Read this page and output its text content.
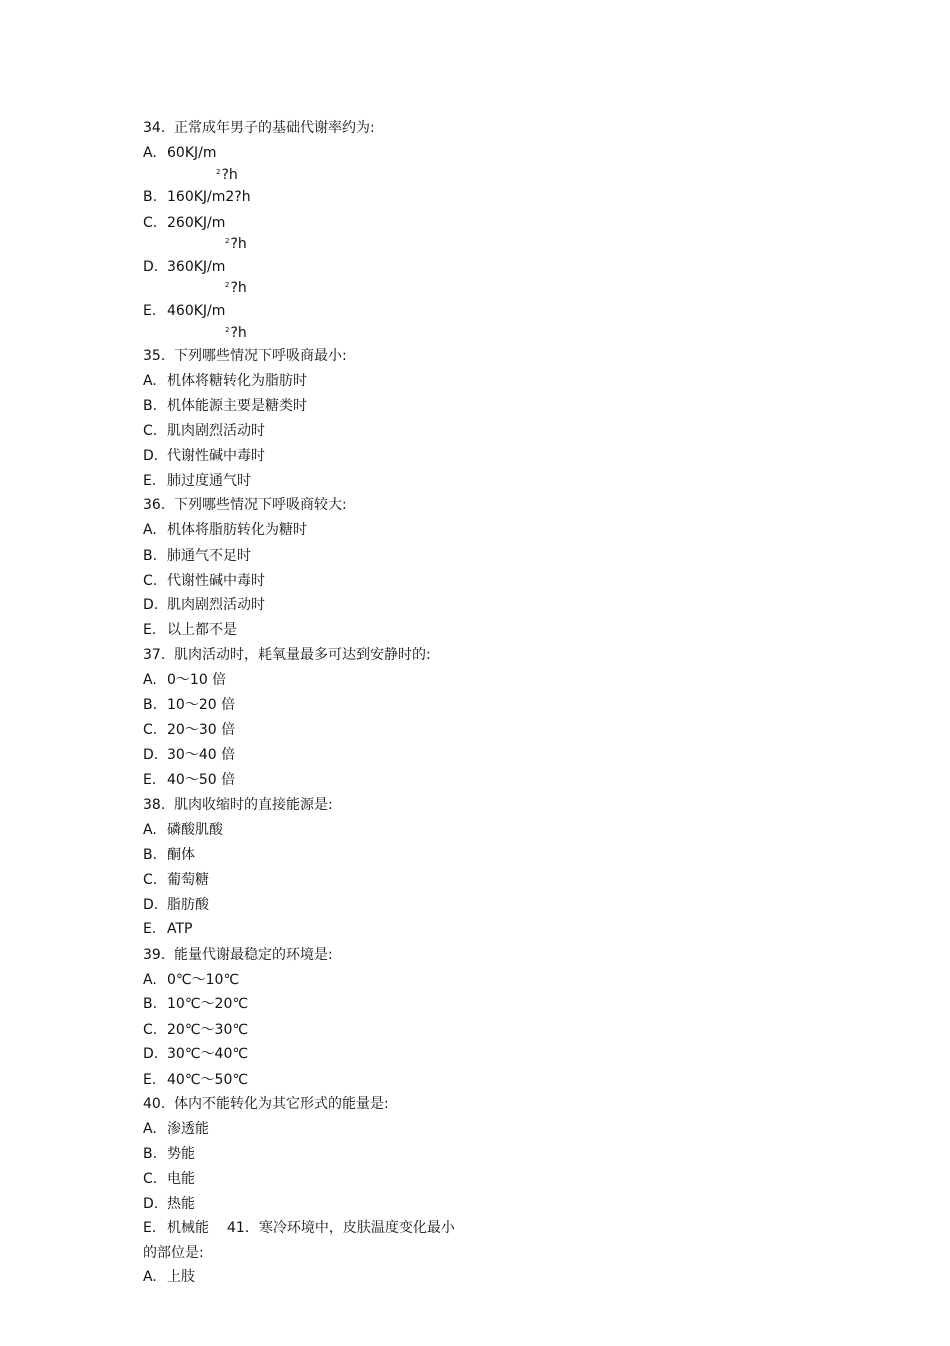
34. 正常成年男子的基础代谢率约为:
A. 60KJ/m
$^2$?h
B. 160KJ/m2?h
C. 260KJ/m
$^2$?h
D. 360KJ/m
$^2$?h
E. 460KJ/m
$^2$?h
35. 下列哪些情况下呼吸商最小:
A. 机体将糖转化为脂肪时
B. 机体能源主要是糖类时
C. 肌肉剧烈活动时
D. 代谢性碱中毒时
E. 肺过度通气时
36. 下列哪些情况下呼吸商较大:
A. 机体将脂肪转化为糖时
B. 肺通气不足时
C. 代谢性碱中毒时
D. 肌肉剧烈活动时
E. 以上都不是
37. 肌肉活动时，耗氧量最多可达到安静时的:
A. 0～10 倍
B. 10～20 倍
C. 20～30 倍
D. 30～40 倍
E. 40～50 倍
38. 肌肉收缩时的直接能源是:
A. 磷酸肌酸
B. 酮体
C. 葡萄糖
D. 脂肪酸
E. ATP
39. 能量代谢最稳定的环境是:
A. 0℃～10℃
B. 10℃～20℃
C. 20℃～30℃
D. 30℃～40℃
E. 40℃～50℃
40. 体内不能转化为其它形式的能量是:
A. 渗透能
B. 势能
C. 电能
D. 热能
E. 机械能 41．寒冷环境中，皮肤温度变化最小
的部位是:
A. 上肢
